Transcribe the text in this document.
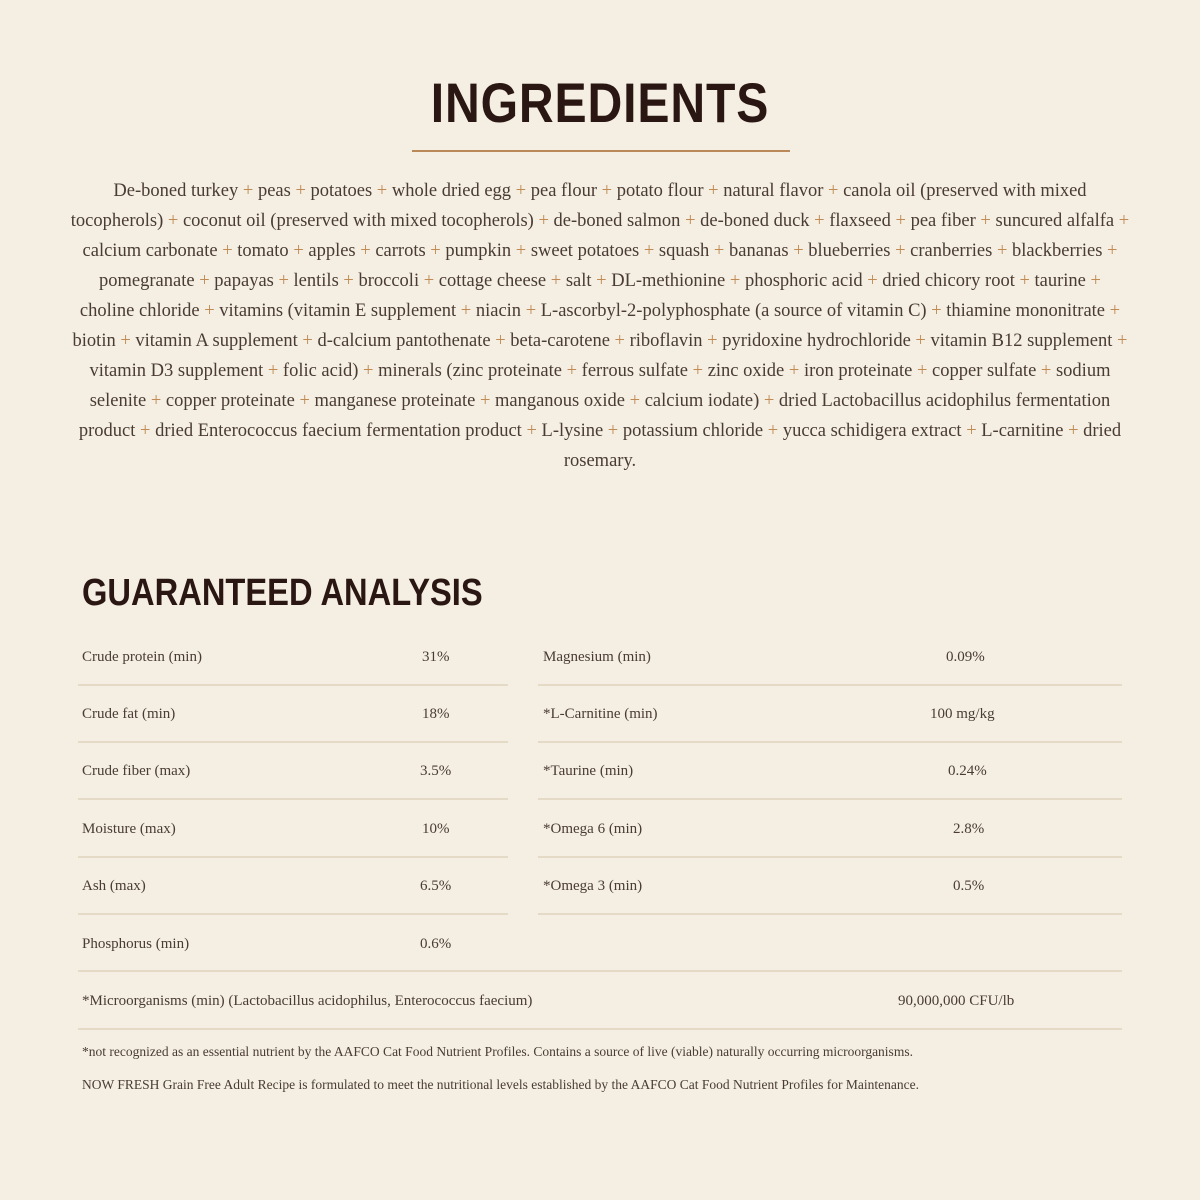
INGREDIENTS
De-boned turkey + peas + potatoes + whole dried egg + pea flour + potato flour + natural flavor + canola oil (preserved with mixed tocopherols) + coconut oil (preserved with mixed tocopherols) + de-boned salmon + de-boned duck + flaxseed + pea fiber + suncured alfalfa + calcium carbonate + tomato + apples + carrots + pumpkin + sweet potatoes + squash + bananas + blueberries + cranberries + blackberries + pomegranate + papayas + lentils + broccoli + cottage cheese + salt + DL-methionine + phosphoric acid + dried chicory root + taurine + choline chloride + vitamins (vitamin E supplement + niacin + L-ascorbyl-2-polyphosphate (a source of vitamin C) + thiamine mononitrate + biotin + vitamin A supplement + d-calcium pantothenate + beta-carotene + riboflavin + pyridoxine hydrochloride + vitamin B12 supplement + vitamin D3 supplement + folic acid) + minerals (zinc proteinate + ferrous sulfate + zinc oxide + iron proteinate + copper sulfate + sodium selenite + copper proteinate + manganese proteinate + manganous oxide + calcium iodate) + dried Lactobacillus acidophilus fermentation product + dried Enterococcus faecium fermentation product + L-lysine + potassium chloride + yucca schidigera extract + L-carnitine + dried rosemary.
GUARANTEED ANALYSIS
Crude protein (min)	31%
Crude fat (min)	18%
Crude fiber (max)	3.5%
Moisture (max)	10%
Ash (max)	6.5%
Phosphorus (min)	0.6%
Magnesium (min)	0.09%
*L-Carnitine (min)	100 mg/kg
*Taurine (min)	0.24%
*Omega 6 (min)	2.8%
*Omega 3 (min)	0.5%
*Microorganisms (min) (Lactobacillus acidophilus, Enterococcus faecium)	90,000,000 CFU/lb
*not recognized as an essential nutrient by the AAFCO Cat Food Nutrient Profiles. Contains a source of live (viable) naturally occurring microorganisms.
NOW FRESH Grain Free Adult Recipe is formulated to meet the nutritional levels established by the AAFCO Cat Food Nutrient Profiles for Maintenance.
